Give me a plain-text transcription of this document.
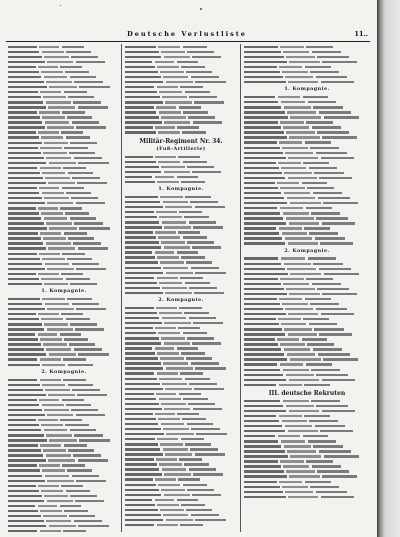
Deutsche Verlustliste	11..
1. Kompagnie.
2. Kompagnie.
Militär-Regiment Nr. 34.
(Fuß-Artillerie)
1. Kompagnie.
2. Kompagnie.
1. Kompagnie.
2. Kompagnie.
III. deutsche Rekruten
